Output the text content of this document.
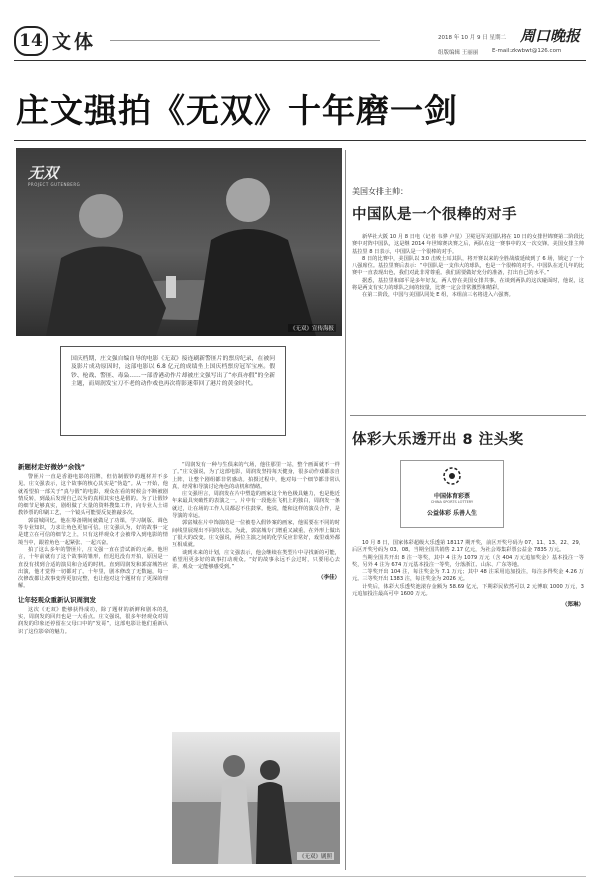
14 文体	2018 年 10 月 9 日 星期二
组版编辑 王丽丽	E-mail:zkwbwt@126.com
周口晚报
庄文强拍《无双》十年磨一剑
无双
PROJECT GUTENBERG
《无双》宣传海报
国庆档期，庄文强自编自导的电影《无双》接连刷新警匪片的票房纪录，在被问及影片成功原因时，这部电影以 6.8 亿元的成绩坐上国庆档票房冠军宝座。假钞、枪战、警匪、毒枭……一部香港动作片却被庄文强写出了“亦真亦假”的全新主题，而周润发宝刀不老的动作戏也再次将影迷带回了港片的黄金时代。
新题材走好微妙“余钱”
警匪片一直是香港电影的招牌，但仿制假钞的题材并不多见。庄文强表示，这个故事的核心其实是“伪造”。从一开始，他就希望拍一部关于“真与假”的电影，观众在看的时候会不断被剧情反转，到最后发现自己以为的真相其实也是假的。为了让假钞的细节足够真实，剧组做了大量的资料搜集工作，向专业人士请教钞票的印刷工艺，一个镜头可能要反复推敲多次。
郭富城回忆，他在筹备期间就做足了功课，学习制版、调色等专业知识，力求让角色更加可信。庄文强认为，好的故事一定是建立在可信的细节之上，只有这样观众才会被带入到电影的情境当中，跟着角色一起紧张、一起兴奋。
拍了这么多年的警匪片，庄文强一直在尝试新的元素。他坦言，十年前就有了这个故事的雏形，但迟迟没有开拍，原因是一直没有找到合适的演员和合适的时机。直到周润发和郭富城答应出演，他才觉得一切都对了。十年里，剧本修改了无数遍，每一次修改都让故事变得更加完整，也让他对这个题材有了更深的理解。
让年轻观众重新认识周润发
这次《无双》能够获得成功，除了题材的新鲜和剧本的扎实，周润发的回归也是一大看点。庄文强说，很多年轻观众对周润发的印象还停留在父母口中的“发哥”，这部电影让他们重新认识了这位影帝的魅力。
“周润发有一种与生俱来的气场，他往那里一站，整个画面就不一样了。”庄文强说，为了这部电影，周润发坚持每天健身，很多动作戏都亲自上阵，让整个剧组都非常感动。拍摄过程中，他对每一个细节都非常认真，经常和导演讨论角色的动机和情绪。
庄文强坦言，周润发在片中塑造的画家这个角色极具魅力，也是他近年来最具突破性的表演之一。片中有一段他在飞机上的独白，周润发一条就过，让在场的工作人员都忍不住鼓掌。他说，能和这样的演员合作，是导演的幸运。
郭富城在片中饰演的是一位被卷入假钞案的画家，他需要在不同的时间线里展现出不同的状态。为此，郭富城专门增重又减重，在外形上做出了很大的改变。庄文强说，两位主演之间的化学反应非常好，戏里戏外都互相成就。
谈到未来的计划，庄文强表示，他会继续在类型片中寻找新的可能，希望用更多好的故事打动观众。“好的故事永远不会过时，只要用心去讲，观众一定能够感受到。”
（李佳）
《无双》剧照
美国女排主帅：
中国队是一个很棒的对手
新华社大阪 10 月 8 日电（记者 韦骅 卢星）卫冕冠军美国队将在 10 日的女排世锦赛第二阶段比赛中对阵中国队，这是继 2014 年世锦赛决赛之后，两队在这一赛事中的又一次交锋。美国女排主帅基拉里 8 日表示，中国队是一个很棒的对手。
8 日的比赛中，美国队以 3∶0 击败土耳其队，将开赛以来的全胜战绩延续到了 6 场，锁定了一个八强席位。基拉里赛后表示：“中国队是一支伟大的球队，也是一个很棒的对手。中国队在近几年的比赛中一直表现出色，我们对此非常尊重。我们需要做好充分的准备，打出自己的水平。”
据悉，基拉里和郎平是多年好友，两人曾在美国女排共事。在谈到两队的这次碰面时，他说，这将是两支有实力的球队之间的较量，比赛一定会非常激烈和精彩。
在第二阶段，中国与美国队同处 E 组，本组前三名将进入六强赛。
体彩大乐透开出 8 注头奖
中国体育彩票
CHINA SPORTS LOTTERY
公益体彩 乐善人生
10 月 8 日，国家体彩超级大乐透第 18117 期开奖，前区开奖号码为 07、11、13、22、29，后区开奖号码为 03、08。当期全国共销售 2.17 亿元，为社会筹集彩票公益金 7835 万元。
当期全国共开出 8 注一等奖，其中 4 注为 1079 万元（含 404 万元追加奖金）基本投注一等奖，另外 4 注为 674 万元基本投注一等奖，分落浙江、山东、广东等地。
二等奖开出 104 注，每注奖金为 7.1 万元；其中 48 注采用追加投注，每注多得奖金 4.26 万元。三等奖开出 1383 注，每注奖金为 2026 元。
计奖后，体彩大乐透奖池滚存金额为 58.69 亿元，下期彩民依然可以 2 元博取 1000 万元，3 元追加投注最高可中 1600 万元。
（郑琳）
